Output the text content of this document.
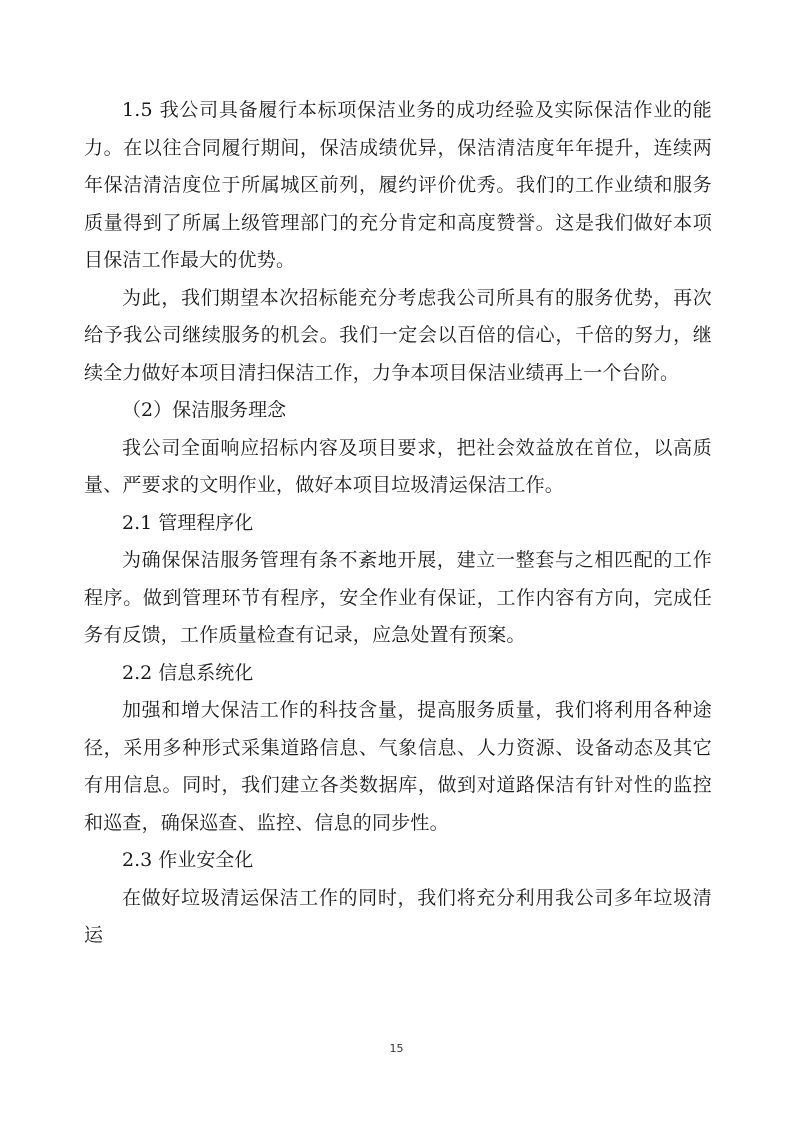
1.5 我公司具备履行本标项保洁业务的成功经验及实际保洁作业的能力。在以往合同履行期间，保洁成绩优异，保洁清洁度年年提升，连续两年保洁清洁度位于所属城区前列，履约评价优秀。我们的工作业绩和服务质量得到了所属上级管理部门的充分肯定和高度赞誉。这是我们做好本项目保洁工作最大的优势。

为此，我们期望本次招标能充分考虑我公司所具有的服务优势，再次给予我公司继续服务的机会。我们一定会以百倍的信心，千倍的努力，继续全力做好本项目清扫保洁工作，力争本项目保洁业绩再上一个台阶。

（2）保洁服务理念

我公司全面响应招标内容及项目要求，把社会效益放在首位，以高质量、严要求的文明作业，做好本项目垃圾清运保洁工作。

2.1 管理程序化

为确保保洁服务管理有条不紊地开展，建立一整套与之相匹配的工作程序。做到管理环节有程序，安全作业有保证，工作内容有方向，完成任务有反馈，工作质量检查有记录，应急处置有预案。

2.2 信息系统化

加强和增大保洁工作的科技含量，提高服务质量，我们将利用各种途径，采用多种形式采集道路信息、气象信息、人力资源、设备动态及其它有用信息。同时，我们建立各类数据库，做到对道路保洁有针对性的监控和巡查，确保巡查、监控、信息的同步性。

2.3 作业安全化

在做好垃圾清运保洁工作的同时，我们将充分利用我公司多年垃圾清运

15
